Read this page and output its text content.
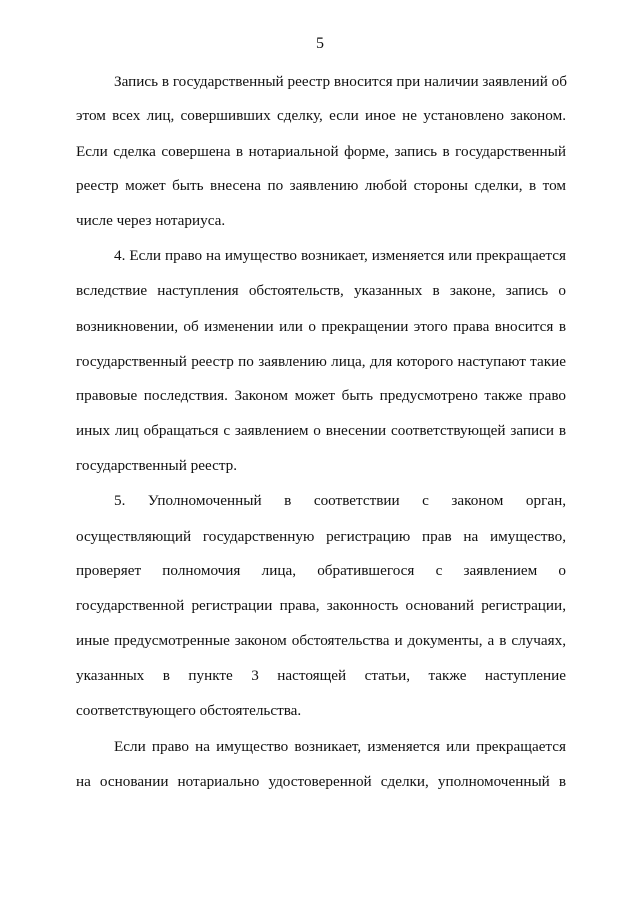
5
Запись в государственный реестр вносится при наличии заявлений об
этом всех лиц, совершивших сделку, если иное не установлено законом.
Если сделка совершена в нотариальной форме, запись в государственный
реестр может быть внесена по заявлению любой стороны сделки, в том
числе через нотариуса.
4. Если право на имущество возникает, изменяется или прекращается
вследствие наступления обстоятельств, указанных в законе, запись о
возникновении, об изменении или о прекращении этого права вносится в
государственный реестр по заявлению лица, для которого наступают такие
правовые последствия. Законом может быть предусмотрено также право
иных лиц обращаться с заявлением о внесении соответствующей записи в
государственный реестр.
5. Уполномоченный в соответствии с законом орган,
осуществляющий государственную регистрацию прав на имущество,
проверяет полномочия лица, обратившегося с заявлением о
государственной регистрации права, законность оснований регистрации,
иные предусмотренные законом обстоятельства и документы, а в случаях,
указанных в пункте 3 настоящей статьи, также наступление
соответствующего обстоятельства.
Если право на имущество возникает, изменяется или прекращается
на основании нотариально удостоверенной сделки, уполномоченный в
